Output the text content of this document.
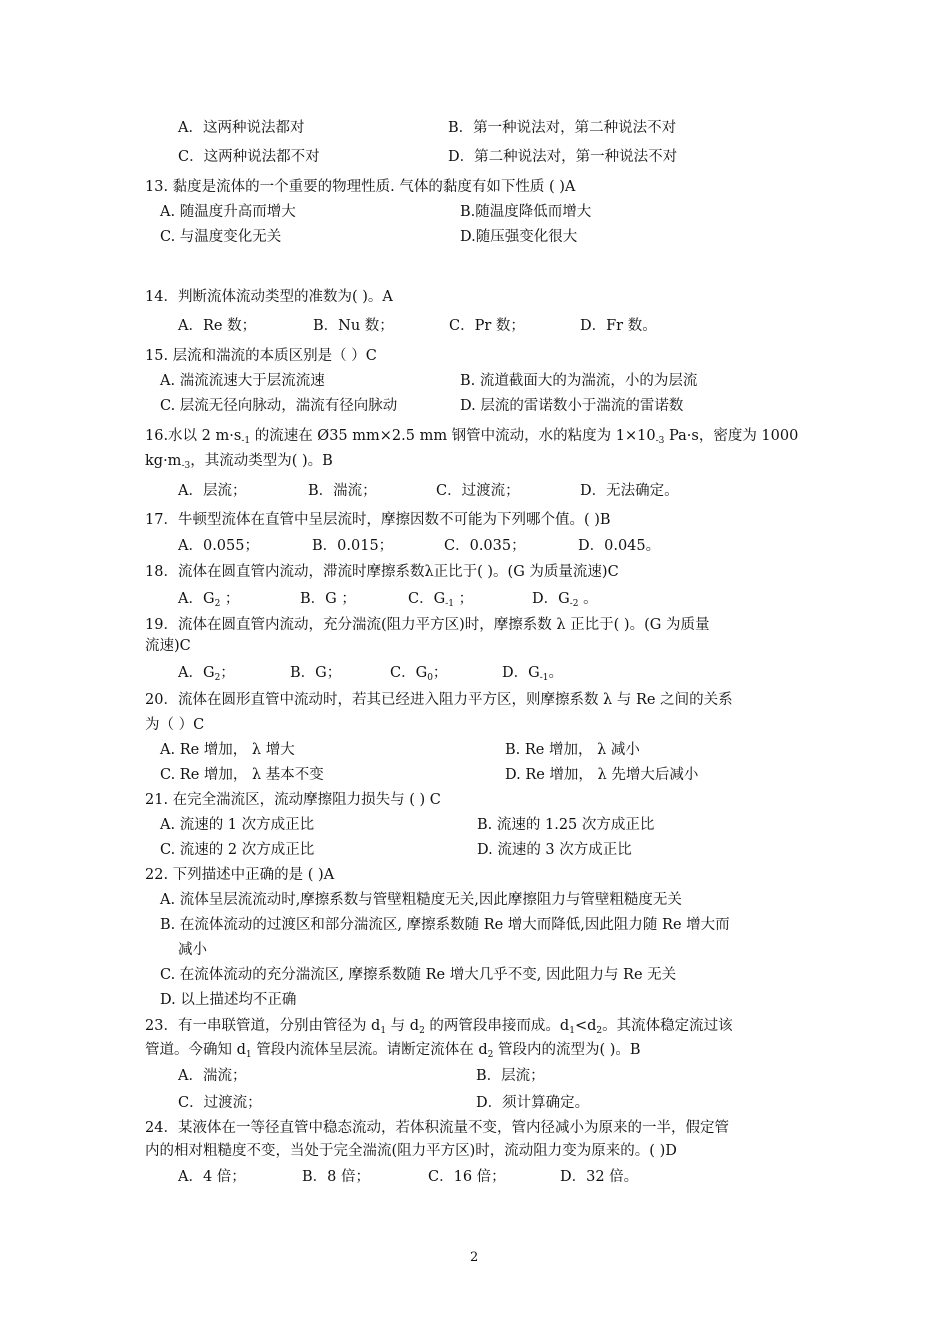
A．这两种说法都对	B．第一种说法对，第二种说法不对
C．这两种说法都不对	D．第二种说法对，第一种说法不对
13. 黏度是流体的一个重要的物理性质. 气体的黏度有如下性质 ( )A
A. 随温度升高而增大	B.随温度降低而增大
C. 与温度变化无关	D.随压强变化很大
14．判断流体流动类型的准数为( )。A
A．Re 数；	B．Nu 数；	C．Pr 数；	D．Fr 数。
15. 层流和湍流的本质区别是（ ）C
A. 湍流流速大于层流流速	B. 流道截面大的为湍流，小的为层流
C. 层流无径向脉动，湍流有径向脉动	D. 层流的雷诺数小于湍流的雷诺数
16.水以 2 $m\cdot s_{-1}$ 的流速在 Ø35 mm×2.5 mm 钢管中流动，水的粘度为 $1\times 10_{-3}$ Pa·s，密度为 1000
$kg\cdot m_{-3}$，其流动类型为( )。B
A．层流；	B．湍流；	C．过渡流；	D．无法确定。
17．牛顿型流体在直管中呈层流时，摩擦因数不可能为下列哪个值。( )B
A．0.055；	B．0.015；	C．0.035；	D．0.045。
18．流体在圆直管内流动，滞流时摩擦系数λ正比于( )。(G 为质量流速)C
A．$G_2$ ；	B．G ；	C．$G_{-1}$ ；	D．$G_{-2}$ 。
19．流体在圆直管内流动，充分湍流(阻力平方区)时，摩擦系数 λ 正比于( )。(G 为质量
流速)C
A．$G_2$；	B．G；	C．$G_0$；	D．$G_{-1}$。
20．流体在圆形直管中流动时，若其已经进入阻力平方区，则摩擦系数 λ 与 Re 之间的关系
为（ ）C
A. Re 增加， λ 增大	B. Re 增加， λ 减小
C. Re 增加， λ 基本不变	D. Re 增加， λ 先增大后减小
21. 在完全湍流区，流动摩擦阻力损失与 ( ) C
A. 流速的 1 次方成正比	B. 流速的 1.25 次方成正比
C. 流速的 2 次方成正比	D. 流速的 3 次方成正比
22. 下列描述中正确的是 ( )A
A. 流体呈层流流动时,摩擦系数与管壁粗糙度无关,因此摩擦阻力与管壁粗糙度无关
B. 在流体流动的过渡区和部分湍流区, 摩擦系数随 Re 增大而降低,因此阻力随 Re 增大而
减小
C. 在流体流动的充分湍流区, 摩擦系数随 Re 增大几乎不变, 因此阻力与 Re 无关
D. 以上描述均不正确
23．有一串联管道，分别由管径为 $d_1$ 与 $d_2$ 的两管段串接而成。$d_1<d_2$。其流体稳定流过该
管道。今确知 $d_1$ 管段内流体呈层流。请断定流体在 $d_2$ 管段内的流型为( )。B
A．湍流；	B．层流；
C．过渡流；	D．须计算确定。
24．某液体在一等径直管中稳态流动，若体积流量不变，管内径减小为原来的一半，假定管
内的相对粗糙度不变，当处于完全湍流(阻力平方区)时，流动阻力变为原来的。( )D
A．4 倍；	B．8 倍；	C．16 倍；	D．32 倍。
2
